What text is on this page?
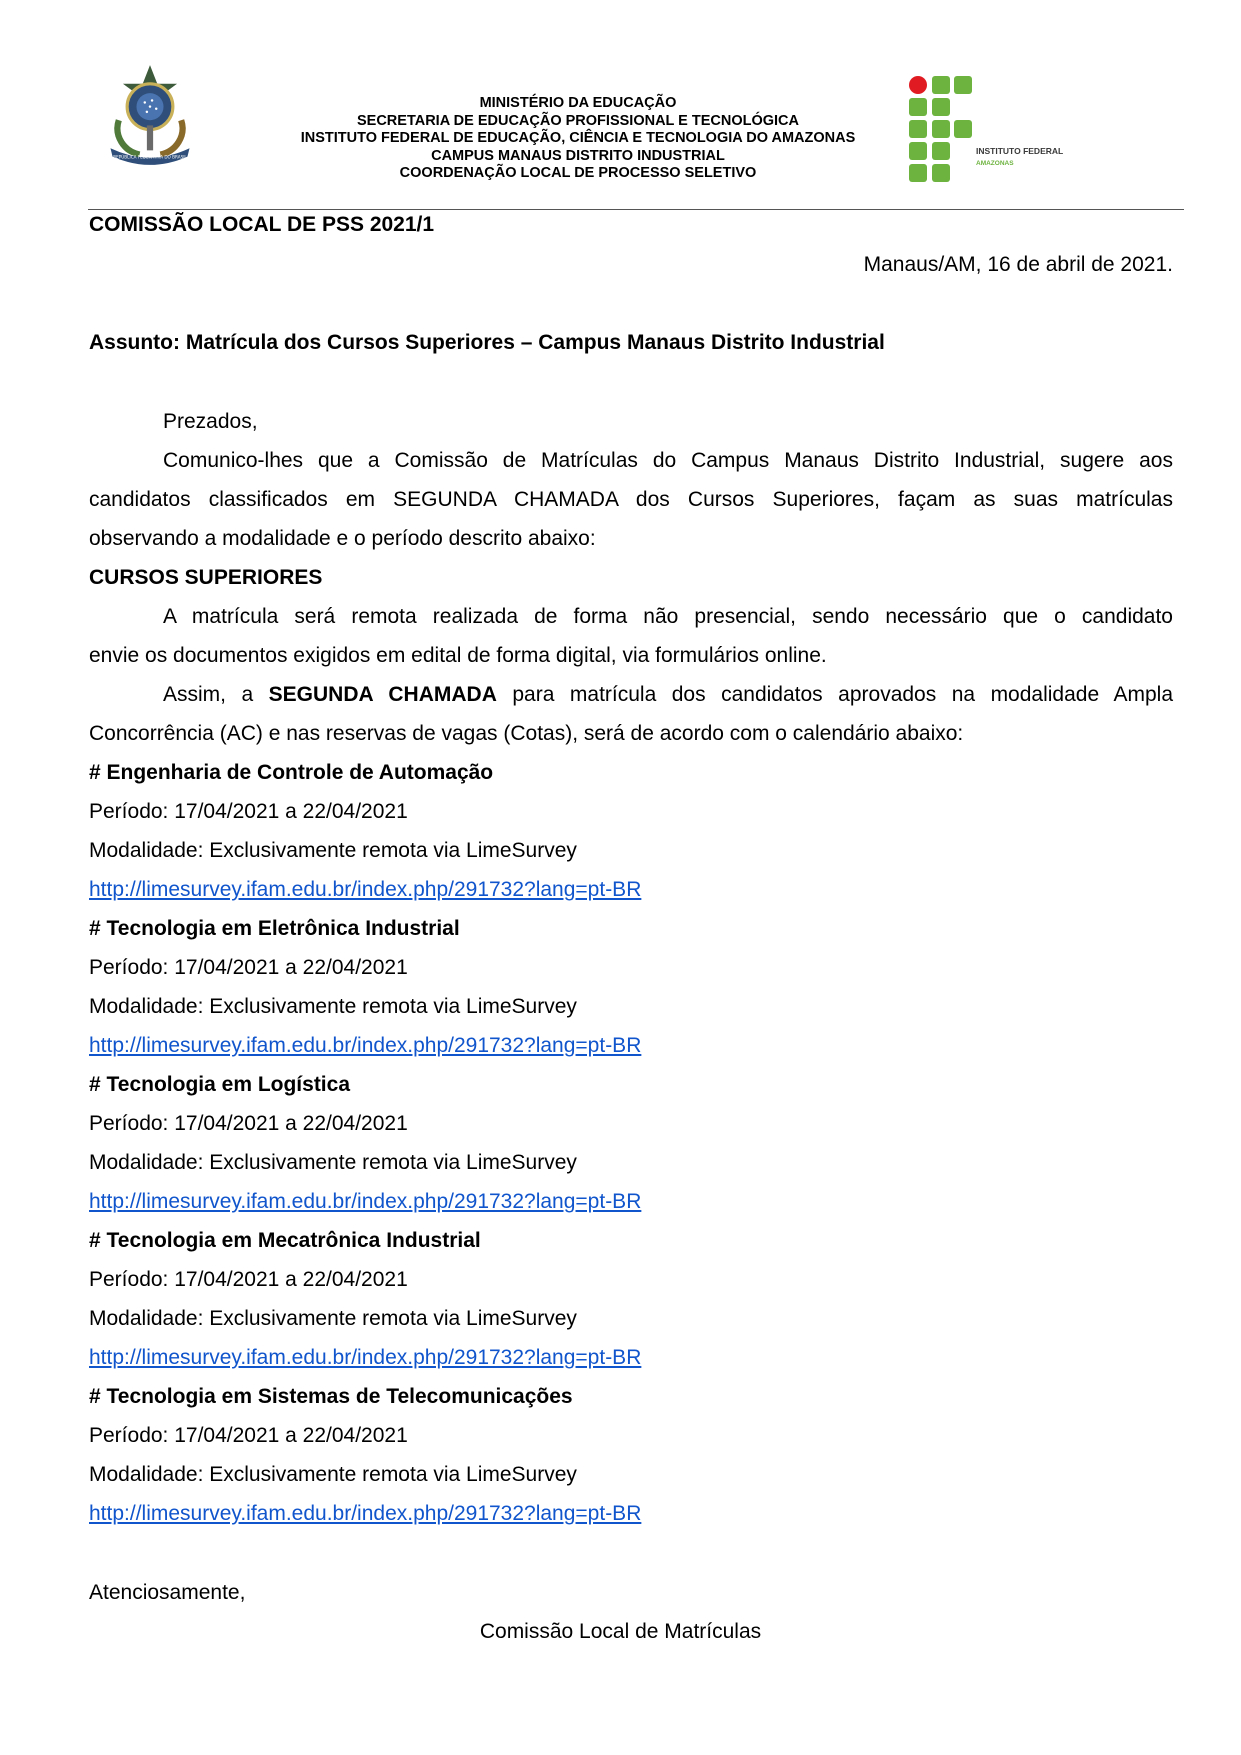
REPÚBLICA FEDERATIVA DO BRASIL
MINISTÉRIO DA EDUCAÇÃO
SECRETARIA DE EDUCAÇÃO PROFISSIONAL E TECNOLÓGICA
INSTITUTO FEDERAL DE EDUCAÇÃO, CIÊNCIA E TECNOLOGIA DO AMAZONAS
CAMPUS MANAUS DISTRITO INDUSTRIAL
COORDENAÇÃO LOCAL DE PROCESSO SELETIVO
INSTITUTO FEDERAL
AMAZONAS
COMISSÃO LOCAL DE PSS 2021/1
Manaus/AM, 16 de abril de 2021.
Assunto: Matrícula dos Cursos Superiores – Campus Manaus Distrito Industrial
Prezados,
Comunico-lhes que a Comissão de Matrículas do Campus Manaus Distrito Industrial, sugere aos
candidatos classificados em SEGUNDA CHAMADA dos Cursos Superiores, façam as suas matrículas
observando a modalidade e o período descrito abaixo:
CURSOS SUPERIORES
A matrícula será remota realizada de forma não presencial, sendo necessário que o candidato
envie os documentos exigidos em edital de forma digital, via formulários online.
Assim, a SEGUNDA CHAMADA para matrícula dos candidatos aprovados na modalidade Ampla
Concorrência (AC) e nas reservas de vagas (Cotas), será de acordo com o calendário abaixo:
# Engenharia de Controle de Automação
Período: 17/04/2021 a 22/04/2021
Modalidade: Exclusivamente remota via LimeSurvey
http://limesurvey.ifam.edu.br/index.php/291732?lang=pt-BR
# Tecnologia em Eletrônica Industrial
Período: 17/04/2021 a 22/04/2021
Modalidade: Exclusivamente remota via LimeSurvey
http://limesurvey.ifam.edu.br/index.php/291732?lang=pt-BR
# Tecnologia em Logística
Período: 17/04/2021 a 22/04/2021
Modalidade: Exclusivamente remota via LimeSurvey
http://limesurvey.ifam.edu.br/index.php/291732?lang=pt-BR
# Tecnologia em Mecatrônica Industrial
Período: 17/04/2021 a 22/04/2021
Modalidade: Exclusivamente remota via LimeSurvey
http://limesurvey.ifam.edu.br/index.php/291732?lang=pt-BR
# Tecnologia em Sistemas de Telecomunicações
Período: 17/04/2021 a 22/04/2021
Modalidade: Exclusivamente remota via LimeSurvey
http://limesurvey.ifam.edu.br/index.php/291732?lang=pt-BR
Atenciosamente,
Comissão Local de Matrículas
